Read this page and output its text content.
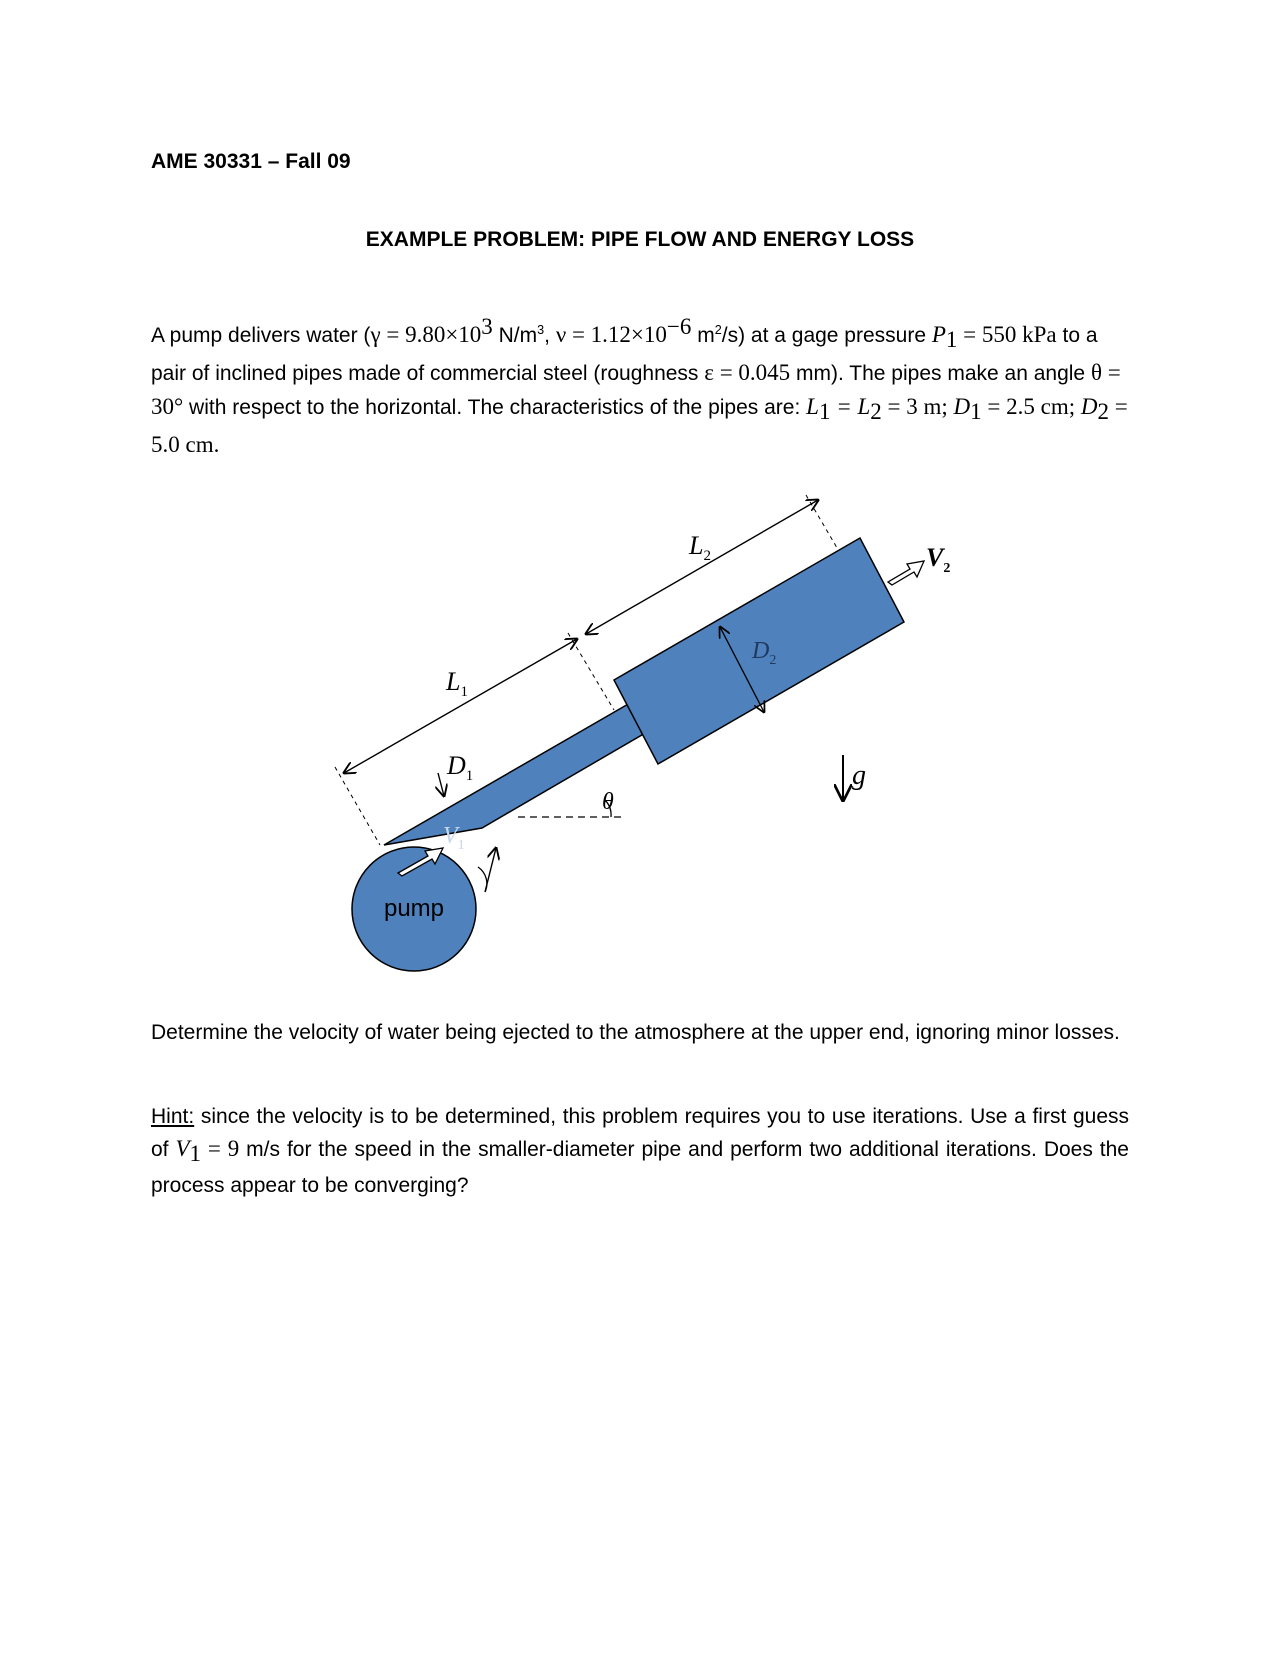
AME 30331 – Fall 09
EXAMPLE PROBLEM: PIPE FLOW AND ENERGY LOSS
A pump delivers water ($\gamma = 9.80\times 10^3$ $N/m^3$, $\nu = 1.12\times 10^{-6}$ $m^2/s$) at a gage pressure $P_1 = 550$ kPa to a pair of inclined pipes made of commercial steel (roughness ε = 0.045 mm). The pipes make an angle θ = 30° with respect to the horizontal. The characteristics of the pipes are: $L_1 = L_2 = 3$ m; $D_1 = 2.5$ cm; $D_2 = 5.0$ cm.
pump
$L_1$
$L_2$
$D_1$
$D_2$
$V_1$
$V_2$
θ
g
Determine the velocity of water being ejected to the atmosphere at the upper end, ignoring minor losses.
Hint: since the velocity is to be determined, this problem requires you to use iterations. Use a first guess of $V_1 = 9$ m/s for the speed in the smaller-diameter pipe and perform two additional iterations. Does the process appear to be converging?
